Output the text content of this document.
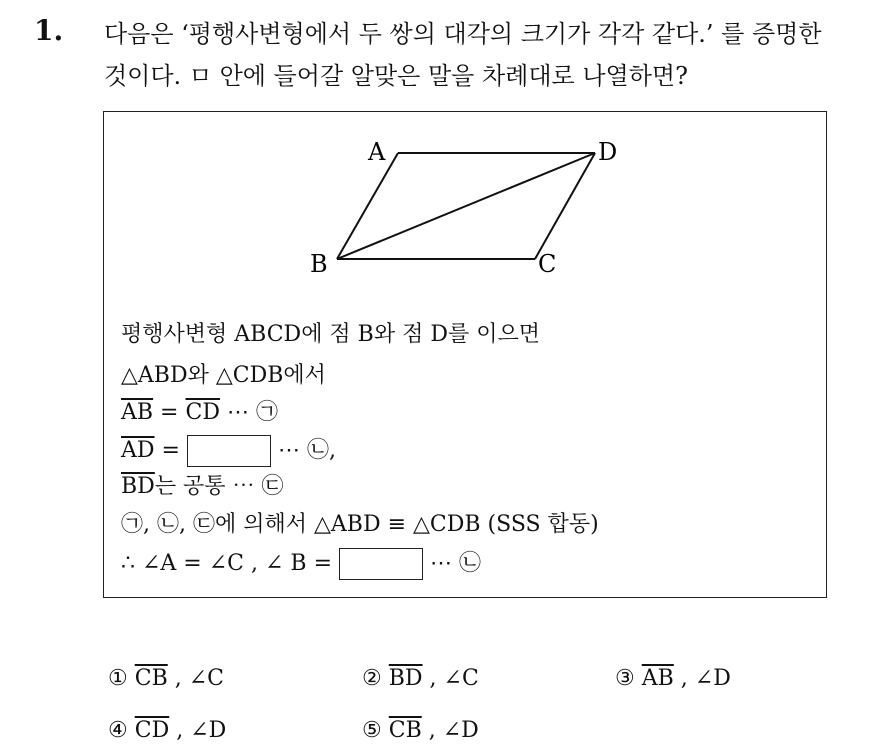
1. 다음은 ‘평행사변형에서 두 쌍의 대각의 크기가 각각 같다.’ 를 증명한
것이다. ㅁ 안에 들어갈 알맞은 말을 차례대로 나열하면?
A	D
B	C
평행사변형 ABCD에 점 B와 점 D를 이으면
△ABD와 △CDB에서
$\overline{AB} = \overline{CD}$ ⋯ ㉠
$\overline{AD}$ =	⋯ ㉡,
$\overline{BD}$는 공통 ⋯ ㉢
㉠, ㉡, ㉢에 의해서 △ABD ≡ △CDB (SSS 합동)
∴ ∠A = ∠C , ∠ B =	⋯ ㉡
① $\overline{CB}$ , ∠C	② $\overline{BD}$ , ∠C	③ $\overline{AB}$ , ∠D
④ $\overline{CD}$ , ∠D	⑤ $\overline{CB}$ , ∠D
